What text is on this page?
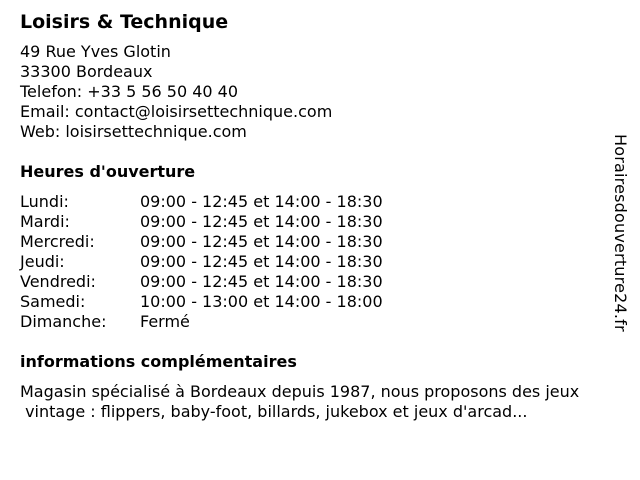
Loisirs & Technique
49 Rue Yves Glotin
33300 Bordeaux
Telefon: +33 5 56 50 40 40
Email: contact@loisirsettechnique.com
Web: loisirsettechnique.com
Heures d'ouverture
Lundi:	09:00 - 12:45 et 14:00 - 18:30
Mardi:	09:00 - 12:45 et 14:00 - 18:30
Mercredi:	09:00 - 12:45 et 14:00 - 18:30
Jeudi:	09:00 - 12:45 et 14:00 - 18:30
Vendredi:	09:00 - 12:45 et 14:00 - 18:30
Samedi:	10:00 - 13:00 et 14:00 - 18:00
Dimanche:	Fermé
informations complémentaires
Magasin spécialisé à Bordeaux depuis 1987, nous proposons des jeux
vintage : flippers, baby-foot, billards, jukebox et jeux d'arcad...
Horairesdouverture24.fr
